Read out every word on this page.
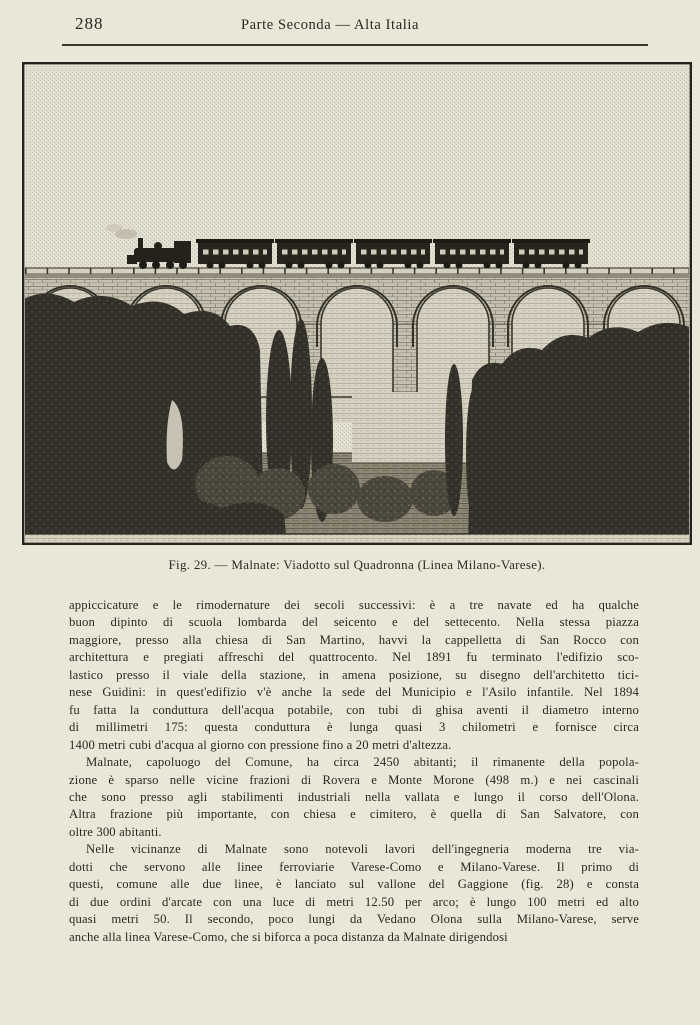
288	Parte Seconda — Alta Italia
Fig. 29. — Malnate: Viadotto sul Quadronna (Linea Milano-Varese).
appiccicature e le rimodernature dei secoli successivi: è a tre navate ed ha qualche
buon dipinto di scuola lombarda del seicento e del settecento. Nella stessa piazza
maggiore, presso alla chiesa di San Martino, havvi la cappelletta di San Rocco con
architettura e pregiati affreschi del quattrocento. Nel 1891 fu terminato l'edifizio sco-
lastico presso il viale della stazione, in amena posizione, su disegno dell'architetto tici-
nese Guidini: in quest'edifizio v'è anche la sede del Municipio e l'Asilo infantile. Nel 1894
fu fatta la conduttura dell'acqua potabile, con tubi di ghisa aventi il diametro interno
di millimetri 175: questa conduttura è lunga quasi 3 chilometri e fornisce circa
1400 metri cubi d'acqua al giorno con pressione fino a 20 metri d'altezza.
Malnate, capoluogo del Comune, ha circa 2450 abitanti; il rimanente della popola-
zione è sparso nelle vicine frazioni di Rovera e Monte Morone (498 m.) e nei cascinali
che sono presso agli stabilimenti industriali nella vallata e lungo il corso dell'Olona.
Altra frazione più importante, con chiesa e cimitero, è quella di San Salvatore, con
oltre 300 abitanti.
Nelle vicinanze di Malnate sono notevoli lavori dell'ingegneria moderna tre via-
dotti che servono alle linee ferroviarie Varese-Como e Milano-Varese. Il primo di
questi, comune alle due linee, è lanciato sul vallone del Gaggione (fig. 28) e consta
di due ordini d'arcate con una luce di metri 12.50 per arco; è lungo 100 metri ed alto
quasi metri 50. Il secondo, poco lungi da Vedano Olona sulla Milano-Varese, serve
anche alla linea Varese-Como, che si biforca a poca distanza da Malnate dirigendosi
